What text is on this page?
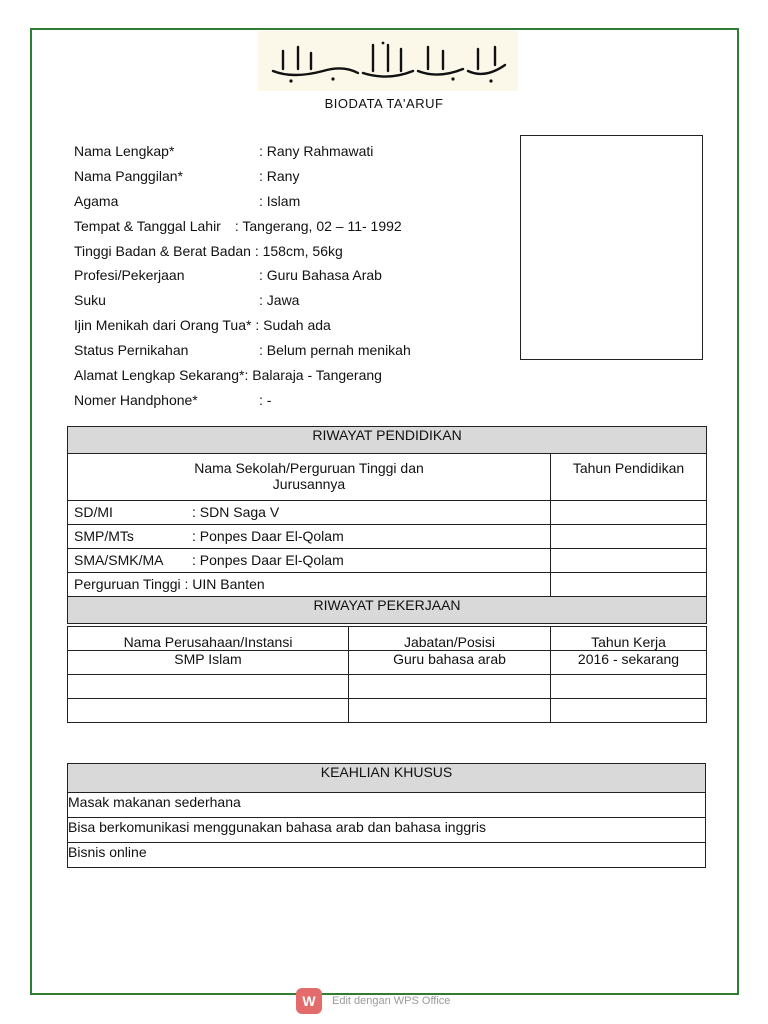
BIODATA TA'ARUF
Nama Lengkap*	: Rany Rahmawati
Nama Panggilan*	: Rany
Agama	: Islam
Tempat & Tanggal Lahir : Tangerang, 02 – 11- 1992
Tinggi Badan & Berat Badan : 158cm, 56kg
Profesi/Pekerjaan	: Guru Bahasa Arab
Suku	: Jawa
Ijin Menikah dari Orang Tua* : Sudah ada
Status Pernikahan	: Belum pernah menikah
Alamat Lengkap Sekarang*: Balaraja - Tangerang
Nomer Handphone*	: -
RIWAYAT PENDIDIKAN	
Nama Sekolah/Perguruan Tinggi dan Jurusannya	Tahun Pendidikan
SD/MI : SDN Saga V	
SMP/MTs : Ponpes Daar El-Qolam	
SMA/SMK/MA : Ponpes Daar El-Qolam	
Perguruan Tinggi : UIN Banten	
RIWAYAT PEKERJAAN	
Nama Perusahaan/Instansi	Jabatan/Posisi	Tahun Kerja
SMP Islam	Guru bahasa arab	2016 - sekarang

KEAHLIAN KHUSUS
Masak makanan sederhana
Bisa berkomunikasi menggunakan bahasa arab dan bahasa inggris
Bisnis online
W	Edit dengan WPS Office
